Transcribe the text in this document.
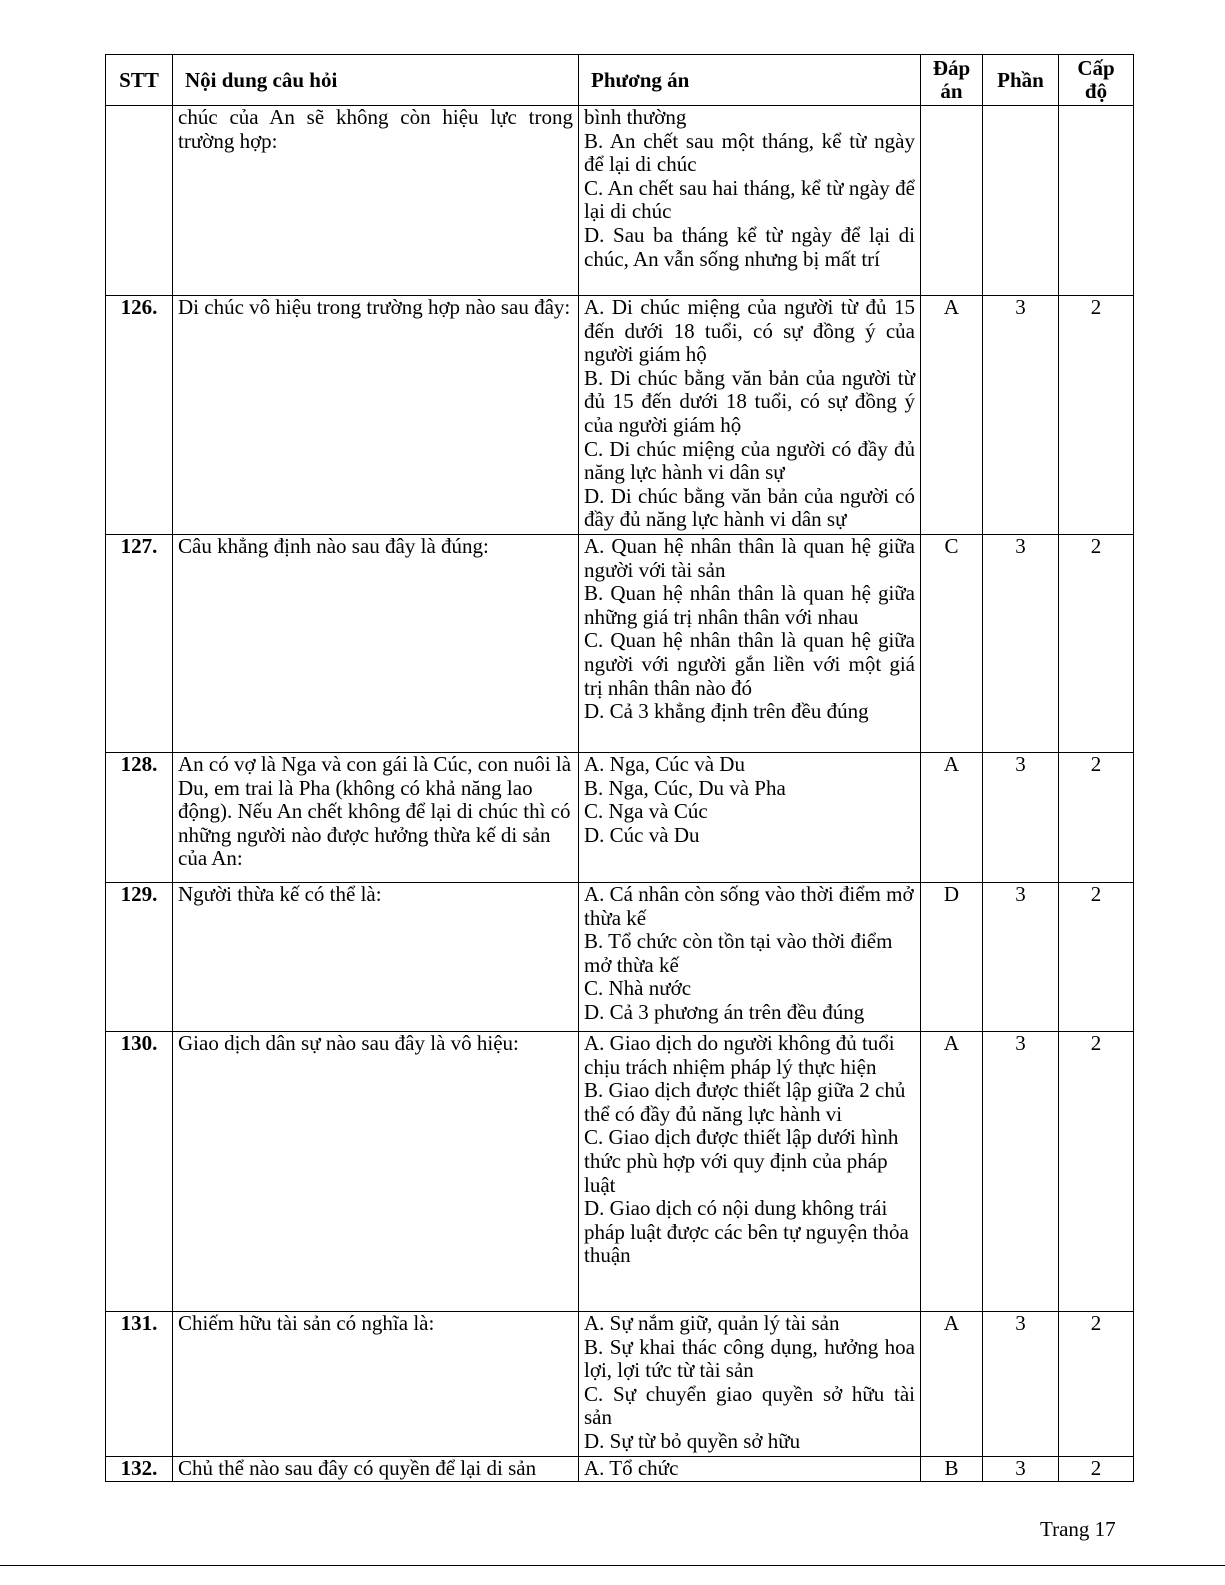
STT	Nội dung câu hỏi	Phương án	Đáp
án	Phần	Cấp
độ
	chúc của An sẽ không còn hiệu lực trong trường hợp:	bình thường
B. An chết sau một tháng, kể từ ngày để lại di chúc
C. An chết sau hai tháng, kể từ ngày để lại di chúc
D. Sau ba tháng kể từ ngày để lại di chúc, An vẫn sống nhưng bị mất trí			

126.	Di chúc vô hiệu trong trường hợp nào sau đây:	A. Di chúc miệng của người từ đủ 15 đến dưới 18 tuổi, có sự đồng ý của người giám hộ
B. Di chúc bằng văn bản của người từ đủ 15 đến dưới 18 tuổi, có sự đồng ý của người giám hộ
C. Di chúc miệng của người có đầy đủ năng lực hành vi dân sự
D. Di chúc bằng văn bản của người có đầy đủ năng lực hành vi dân sự	A	3	2
127.	Câu khẳng định nào sau đây là đúng:	A. Quan hệ nhân thân là quan hệ giữa người với tài sản
B. Quan hệ nhân thân là quan hệ giữa những giá trị nhân thân với nhau
C. Quan hệ nhân thân là quan hệ giữa người với người gắn liền với một giá trị nhân thân nào đó
D. Cả 3 khẳng định trên đều đúng	C	3	2
128.	An có vợ là Nga và con gái là Cúc, con nuôi là Du, em trai là Pha (không có khả năng lao động). Nếu An chết không để lại di chúc thì có những người nào được hưởng thừa kế di sản của An:	A. Nga, Cúc và Du
B. Nga, Cúc, Du và Pha
C. Nga và Cúc
D. Cúc và Du	A	3	2
129.	Người thừa kế có thể là:	A. Cá nhân còn sống vào thời điểm mở thừa kế
B. Tổ chức còn tồn tại vào thời điểm mở thừa kế
C. Nhà nước
D. Cả 3 phương án trên đều đúng	D	3	2
130.	Giao dịch dân sự nào sau đây là vô hiệu:	A. Giao dịch do người không đủ tuổi chịu trách nhiệm pháp lý thực hiện
B. Giao dịch được thiết lập giữa 2 chủ thể có đầy đủ năng lực hành vi
C. Giao dịch được thiết lập dưới hình thức phù hợp với quy định của pháp luật
D. Giao dịch có nội dung không trái pháp luật được các bên tự nguyện thỏa thuận	A	3	2
131.	Chiếm hữu tài sản có nghĩa là:	A. Sự nắm giữ, quản lý tài sản
B. Sự khai thác công dụng, hưởng hoa lợi, lợi tức từ tài sản
C. Sự chuyển giao quyền sở hữu tài sản
D. Sự từ bỏ quyền sở hữu	A	3	2
132.	Chủ thể nào sau đây có quyền để lại di sản	A. Tổ chức	B	3	2
Trang 17
